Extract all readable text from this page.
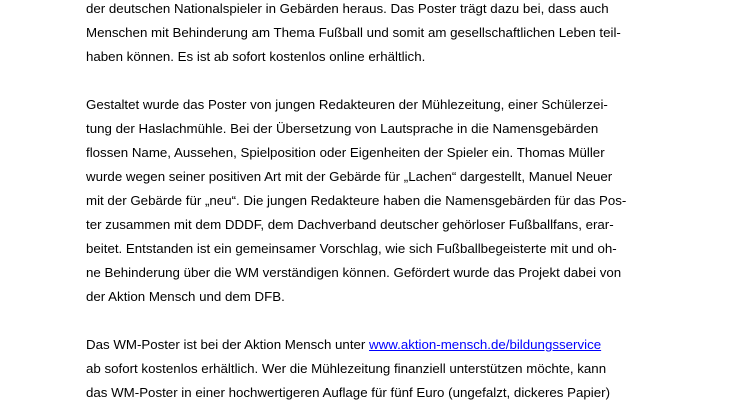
der deutschen Nationalspieler in Gebärden heraus. Das Poster trägt dazu bei, dass auch
Menschen mit Behinderung am Thema Fußball und somit am gesellschaftlichen Leben teil-
haben können. Es ist ab sofort kostenlos online erhältlich.

Gestaltet wurde das Poster von jungen Redakteuren der Mühlezeitung, einer Schülerzei-
tung der Haslachmühle. Bei der Übersetzung von Lautsprache in die Namensgebärden
flossen Name, Aussehen, Spielposition oder Eigenheiten der Spieler ein. Thomas Müller
wurde wegen seiner positiven Art mit der Gebärde für „Lachen“ dargestellt, Manuel Neuer
mit der Gebärde für „neu“. Die jungen Redakteure haben die Namensgebärden für das Pos-
ter zusammen mit dem DDDF, dem Dachverband deutscher gehörloser Fußballfans, erar-
beitet. Entstanden ist ein gemeinsamer Vorschlag, wie sich Fußballbegeisterte mit und oh-
ne Behinderung über die WM verständigen können. Gefördert wurde das Projekt dabei von
der Aktion Mensch und dem DFB.

Das WM-Poster ist bei der Aktion Mensch unter www.aktion-mensch.de/bildungsservice
ab sofort kostenlos erhältlich. Wer die Mühlezeitung finanziell unterstützen möchte, kann
das WM-Poster in einer hochwertigeren Auflage für fünf Euro (ungefalzt, dickeres Papier)
